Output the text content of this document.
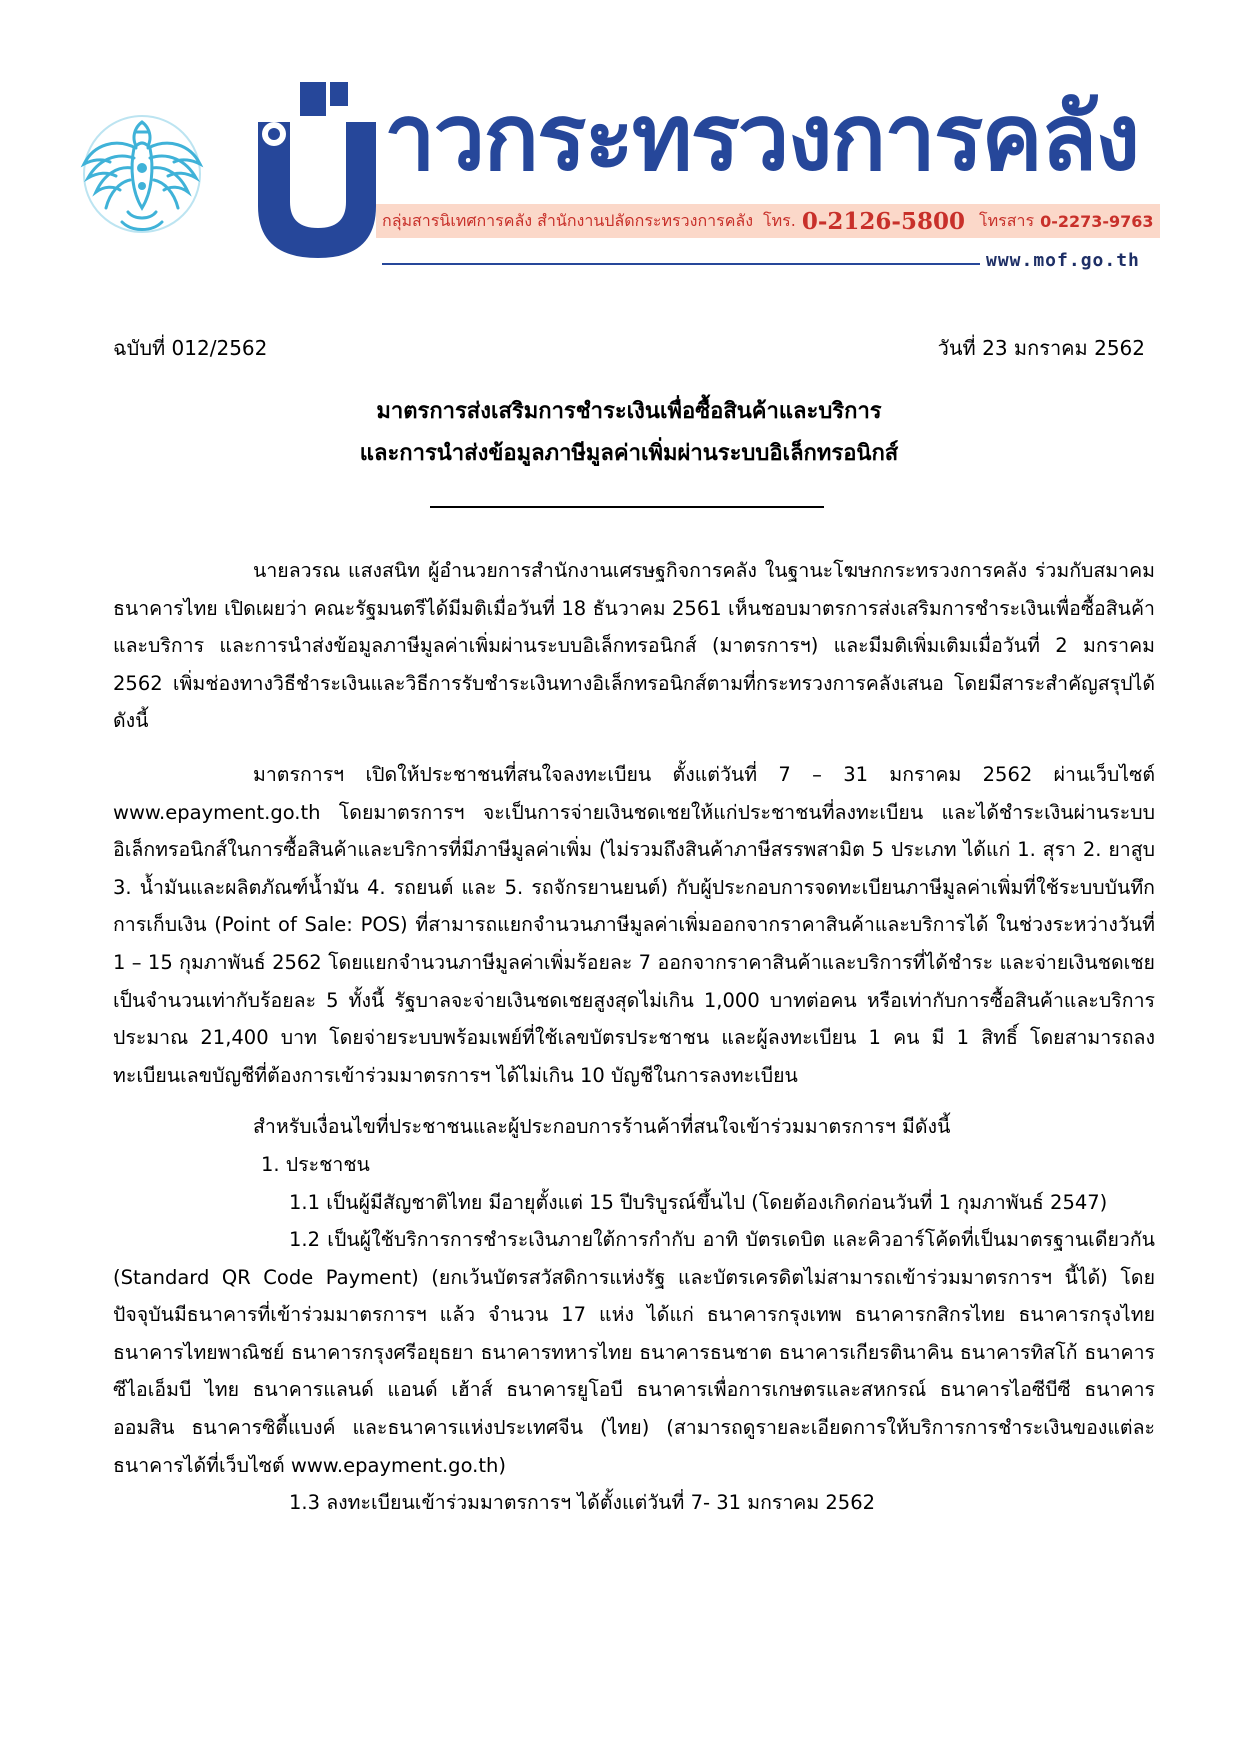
ข่
าวกระทรวงการคลัง
กลุ่มสารนิเทศการคลัง สำนักงานปลัดกระทรวงการคลัง โทร. 0-2126-5800 โทรสาร 0-2273-9763
www.mof.go.th
ฉบับที่ 012/2562	วันที่ 23 มกราคม 2562
มาตรการส่งเสริมการชำระเงินเพื่อซื้อสินค้าและบริการ
และการนำส่งข้อมูลภาษีมูลค่าเพิ่มผ่านระบบอิเล็กทรอนิกส์

นายลวรณ แสงสนิท ผู้อำนวยการสำนักงานเศรษฐกิจการคลัง ในฐานะโฆษกกระทรวงการคลัง ร่วมกับสมาคมธนาคารไทย เปิดเผยว่า คณะรัฐมนตรีได้มีมติเมื่อวันที่ 18 ธันวาคม 2561 เห็นชอบมาตรการส่งเสริมการชำระเงินเพื่อซื้อสินค้า และบริการ และการนำส่งข้อมูลภาษีมูลค่าเพิ่มผ่านระบบอิเล็กทรอนิกส์ (มาตรการฯ) และมีมติเพิ่มเติมเมื่อวันที่ 2 มกราคม 2562 เพิ่มช่องทางวิธีชำระเงินและวิธีการรับชำระเงินทางอิเล็กทรอนิกส์ตามที่กระทรวงการคลังเสนอ โดยมีสาระสำคัญสรุปได้ ดังนี้

มาตรการฯ เปิดให้ประชาชนที่สนใจลงทะเบียน ตั้งแต่วันที่ 7 – 31 มกราคม 2562 ผ่านเว็บไซต์ www.epayment.go.th โดยมาตรการฯ จะเป็นการจ่ายเงินชดเชยให้แก่ประชาชนที่ลงทะเบียน และได้ชำระเงินผ่านระบบอิเล็กทรอนิกส์ในการซื้อสินค้าและบริการที่มีภาษีมูลค่าเพิ่ม (ไม่รวมถึงสินค้าภาษีสรรพสามิต 5 ประเภท ได้แก่ 1. สุรา 2. ยาสูบ 3. น้ำมันและผลิตภัณฑ์น้ำมัน 4. รถยนต์ และ 5. รถจักรยานยนต์) กับผู้ประกอบการจดทะเบียนภาษีมูลค่าเพิ่มที่ใช้ระบบบันทึกการเก็บเงิน (Point of Sale: POS) ที่สามารถแยกจำนวนภาษีมูลค่าเพิ่มออกจากราคาสินค้าและบริการได้ ในช่วงระหว่างวันที่ 1 – 15 กุมภาพันธ์ 2562 โดยแยกจำนวนภาษีมูลค่าเพิ่มร้อยละ 7 ออกจากราคาสินค้าและบริการที่ได้ชำระ และจ่ายเงินชดเชยเป็นจำนวนเท่ากับร้อยละ 5 ทั้งนี้ รัฐบาลจะจ่ายเงินชดเชยสูงสุดไม่เกิน 1,000 บาทต่อคน หรือเท่ากับการซื้อสินค้าและบริการประมาณ 21,400 บาท โดยจ่ายระบบพร้อมเพย์ที่ใช้เลขบัตรประชาชน และผู้ลงทะเบียน 1 คน มี 1 สิทธิ์ โดยสามารถลงทะเบียนเลขบัญชีที่ต้องการเข้าร่วมมาตรการฯ ได้ไม่เกิน 10 บัญชีในการลงทะเบียน

สำหรับเงื่อนไขที่ประชาชนและผู้ประกอบการร้านค้าที่สนใจเข้าร่วมมาตรการฯ มีดังนี้

1. ประชาชน

1.1 เป็นผู้มีสัญชาติไทย มีอายุตั้งแต่ 15 ปีบริบูรณ์ขึ้นไป (โดยต้องเกิดก่อนวันที่ 1 กุมภาพันธ์ 2547)

1.2 เป็นผู้ใช้บริการการชำระเงินภายใต้การกำกับ อาทิ บัตรเดบิต และคิวอาร์โค้ดที่เป็นมาตรฐานเดียวกัน (Standard QR Code Payment) (ยกเว้นบัตรสวัสดิการแห่งรัฐ และบัตรเครดิตไม่สามารถเข้าร่วมมาตรการฯ นี้ได้) โดยปัจจุบันมีธนาคารที่เข้าร่วมมาตรการฯ แล้ว จำนวน 17 แห่ง ได้แก่ ธนาคารกรุงเทพ ธนาคารกสิกรไทย ธนาคารกรุงไทย ธนาคารไทยพาณิชย์ ธนาคารกรุงศรีอยุธยา ธนาคารทหารไทย ธนาคารธนชาต ธนาคารเกียรตินาคิน ธนาคารทิสโก้ ธนาคารซีไอเอ็มบี ไทย ธนาคารแลนด์ แอนด์ เฮ้าส์ ธนาคารยูโอบี ธนาคารเพื่อการเกษตรและสหกรณ์ ธนาคารไอซีบีซี ธนาคารออมสิน ธนาคารซิตี้แบงค์ และธนาคารแห่งประเทศจีน (ไทย) (สามารถดูรายละเอียดการให้บริการการชำระเงินของแต่ละธนาคารได้ที่เว็บไซต์ www.epayment.go.th)

1.3 ลงทะเบียนเข้าร่วมมาตรการฯ ได้ตั้งแต่วันที่ 7- 31 มกราคม 2562
